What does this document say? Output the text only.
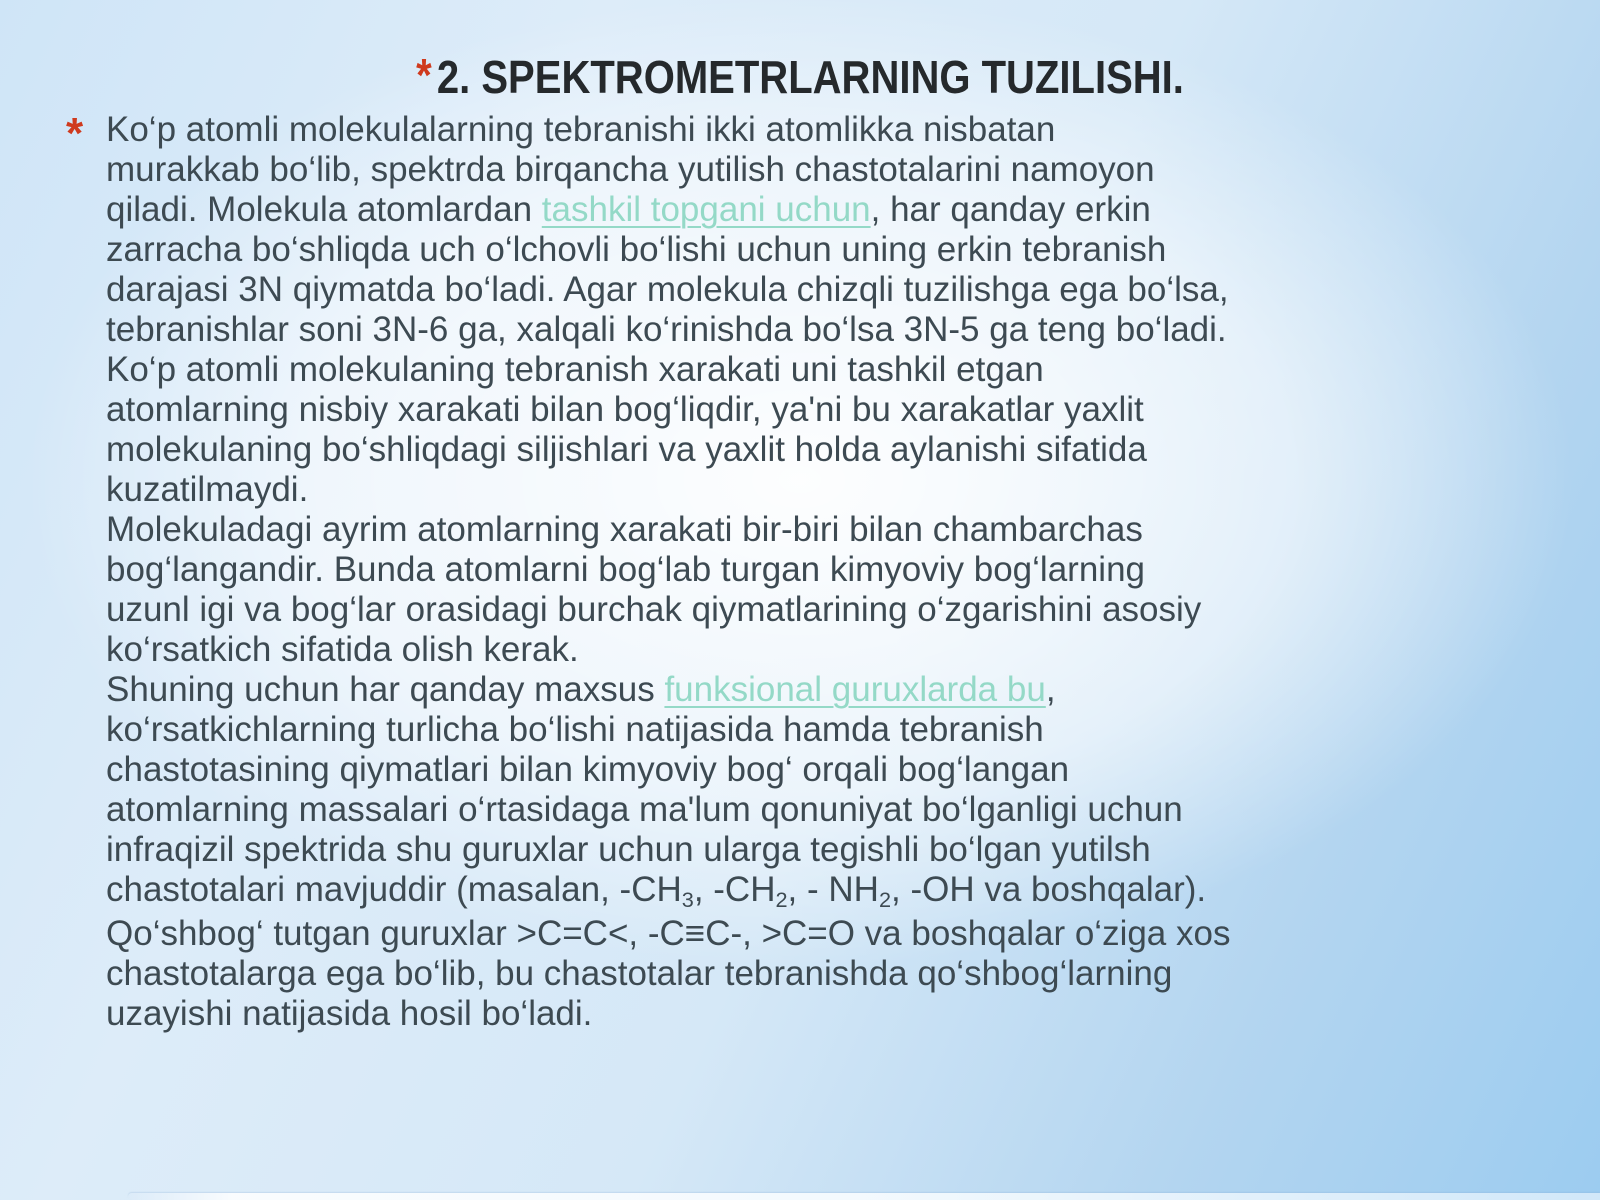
* 2. SPEKTROMETRLARNING TUZILISHI.
* Ko‘p atomli molekulalarning tebranishi ikki atomlikka nisbatan
murakkab bo‘lib, spektrda birqancha yutilish chastotalarini namoyon
qiladi. Molekula atomlardan tashkil topgani uchun, har qanday erkin
zarracha bo‘shliqda uch o‘lchovli bo‘lishi uchun uning erkin tebranish
darajasi 3N qiymatda bo‘ladi. Agar molekula chizqli tuzilishga ega bo‘lsa,
tebranishlar soni 3N-6 ga, xalqali ko‘rinishda bo‘lsa 3N-5 ga teng bo‘ladi.
Ko‘p atomli molekulaning tebranish xarakati uni tashkil etgan
atomlarning nisbiy xarakati bilan bog‘liqdir, ya'ni bu xarakatlar yaxlit
molekulaning bo‘shliqdagi siljishlari va yaxlit holda aylanishi sifatida
kuzatilmaydi.
Molekuladagi ayrim atomlarning xarakati bir-biri bilan chambarchas
bog‘langandir. Bunda atomlarni bog‘lab turgan kimyoviy bog‘larning
uzunl igi va bog‘lar orasidagi burchak qiymatlarining o‘zgarishini asosiy
ko‘rsatkich sifatida olish kerak.
Shuning uchun har qanday maxsus funksional guruxlarda bu,
ko‘rsatkichlarning turlicha bo‘lishi natijasida hamda tebranish
chastotasining qiymatlari bilan kimyoviy bog‘ orqali bog‘langan
atomlarning massalari o‘rtasidaga ma'lum qonuniyat bo‘lganligi uchun
infraqizil spektrida shu guruxlar uchun ularga tegishli bo‘lgan yutilsh
chastotalari mavjuddir (masalan, -CH3, -CH2, - NH2, -OH va boshqalar).
Qo‘shbog‘ tutgan guruxlar >C=C<, -C≡C-, >C=O va boshqalar o‘ziga xos
chastotalarga ega bo‘lib, bu chastotalar tebranishda qo‘shbog‘larning
uzayishi natijasida hosil bo‘ladi.
